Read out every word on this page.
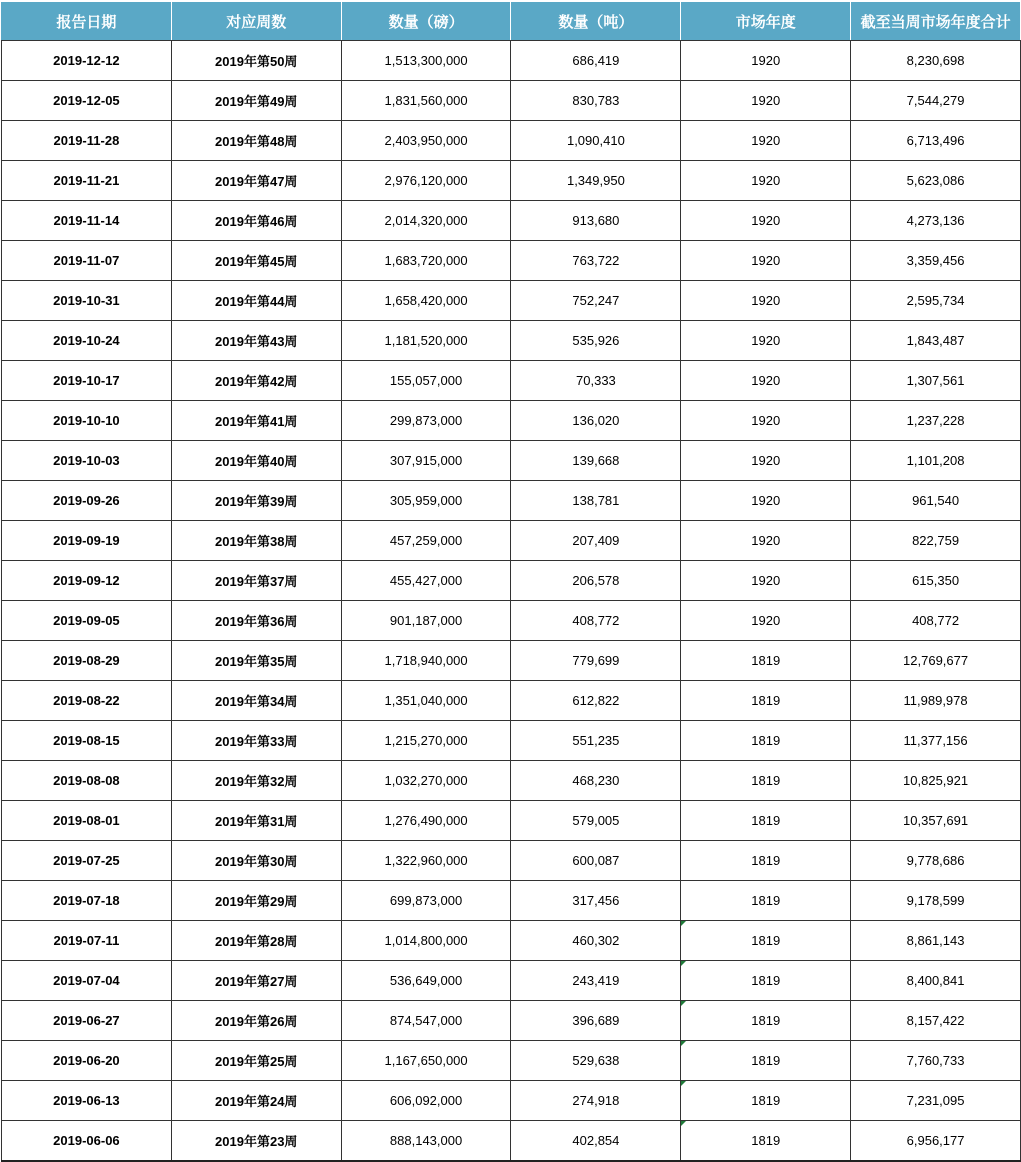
报告日期	对应周数	数量（磅）	数量（吨）	市场年度	截至当周市场年度合计
2019-12-12	2019年第50周	1,513,300,000	686,419	1920	8,230,698
2019-12-05	2019年第49周	1,831,560,000	830,783	1920	7,544,279
2019-11-28	2019年第48周	2,403,950,000	1,090,410	1920	6,713,496
2019-11-21	2019年第47周	2,976,120,000	1,349,950	1920	5,623,086
2019-11-14	2019年第46周	2,014,320,000	913,680	1920	4,273,136
2019-11-07	2019年第45周	1,683,720,000	763,722	1920	3,359,456
2019-10-31	2019年第44周	1,658,420,000	752,247	1920	2,595,734
2019-10-24	2019年第43周	1,181,520,000	535,926	1920	1,843,487
2019-10-17	2019年第42周	155,057,000	70,333	1920	1,307,561
2019-10-10	2019年第41周	299,873,000	136,020	1920	1,237,228
2019-10-03	2019年第40周	307,915,000	139,668	1920	1,101,208
2019-09-26	2019年第39周	305,959,000	138,781	1920	961,540
2019-09-19	2019年第38周	457,259,000	207,409	1920	822,759
2019-09-12	2019年第37周	455,427,000	206,578	1920	615,350
2019-09-05	2019年第36周	901,187,000	408,772	1920	408,772
2019-08-29	2019年第35周	1,718,940,000	779,699	1819	12,769,677
2019-08-22	2019年第34周	1,351,040,000	612,822	1819	11,989,978
2019-08-15	2019年第33周	1,215,270,000	551,235	1819	11,377,156
2019-08-08	2019年第32周	1,032,270,000	468,230	1819	10,825,921
2019-08-01	2019年第31周	1,276,490,000	579,005	1819	10,357,691
2019-07-25	2019年第30周	1,322,960,000	600,087	1819	9,778,686
2019-07-18	2019年第29周	699,873,000	317,456	1819	9,178,599
2019-07-11	2019年第28周	1,014,800,000	460,302	1819	8,861,143
2019-07-04	2019年第27周	536,649,000	243,419	1819	8,400,841
2019-06-27	2019年第26周	874,547,000	396,689	1819	8,157,422
2019-06-20	2019年第25周	1,167,650,000	529,638	1819	7,760,733
2019-06-13	2019年第24周	606,092,000	274,918	1819	7,231,095
2019-06-06	2019年第23周	888,143,000	402,854	1819	6,956,177
